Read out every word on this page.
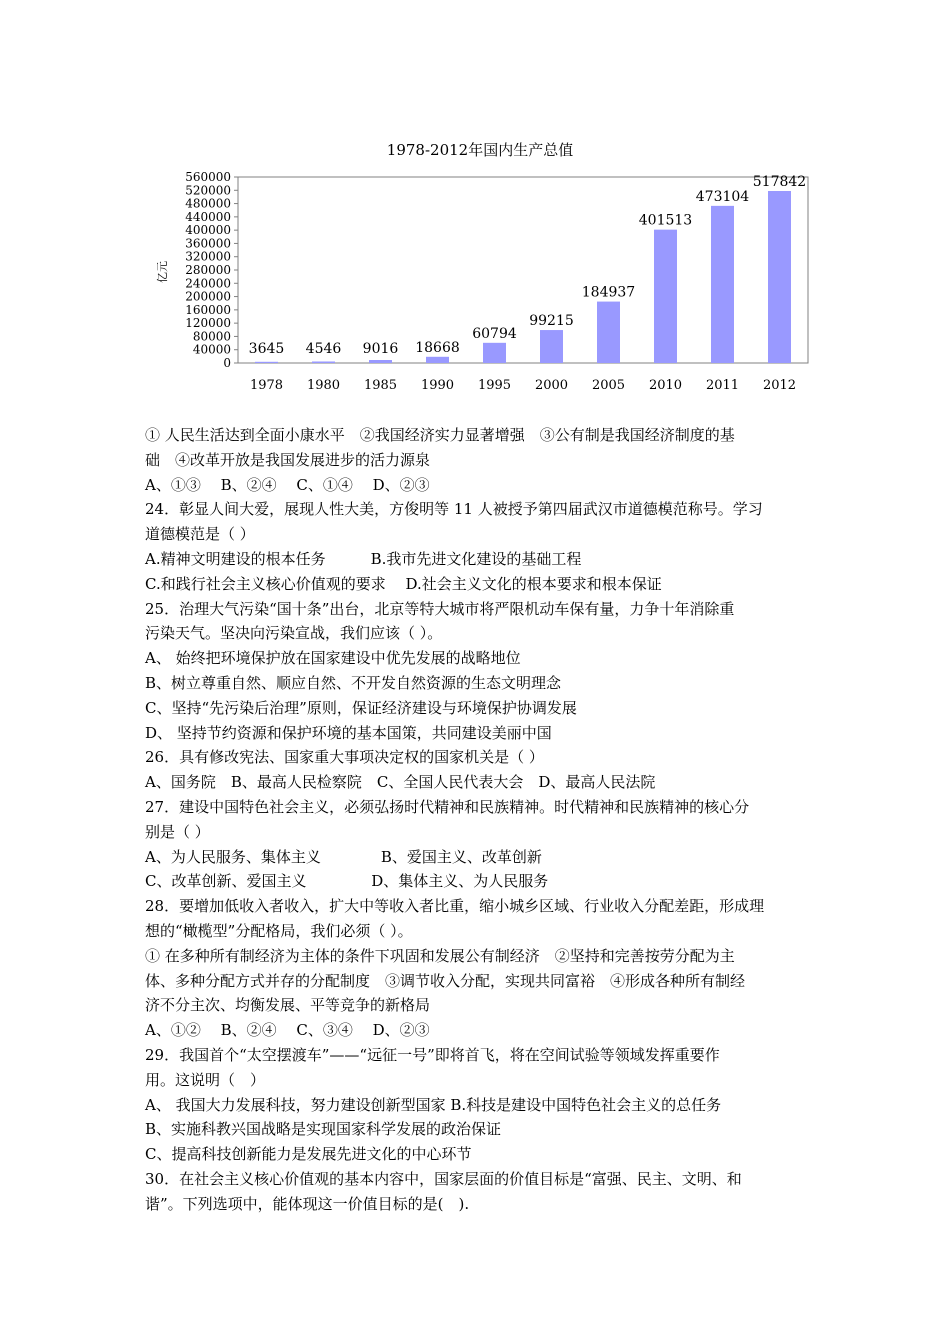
1978-2012年国内生产总值
亿元
0
40000
80000
120000
160000
200000
240000
280000
320000
360000
400000
440000
480000
520000
560000
3645 4546 9016 18668
60794
99215
184937
401513
473104
517842
1978 1980 1985 1990 1995 2000 2005 2010 2011 2012

① 人民生活达到全面小康水平　②我国经济实力显著增强　③公有制是我国经济制度的基

础　④改革开放是我国发展进步的活力源泉

A、①③　 B、②④　 C、①④　 D、②③

24．彰显人间大爱，展现人性大美，方俊明等 11 人被授予第四届武汉市道德模范称号。学习

道德模范是（ ）

A.精神文明建设的根本任务　　　B.我市先进文化建设的基础工程

C.和践行社会主义核心价值观的要求　 D.社会主义文化的根本要求和根本保证

25．治理大气污染“国十条”出台，北京等特大城市将严限机动车保有量，力争十年消除重

污染天气。坚决向污染宣战，我们应该（ ）。

A、 始终把环境保护放在国家建设中优先发展的战略地位

B、树立尊重自然、顺应自然、不开发自然资源的生态文明理念

C、坚持“先污染后治理”原则，保证经济建设与环境保护协调发展

D、 坚持节约资源和保护环境的基本国策，共同建设美丽中国

26．具有修改宪法、国家重大事项决定权的国家机关是（ ）

A、国务院　B、最高人民检察院　C、全国人民代表大会　D、最高人民法院

27．建设中国特色社会主义，必须弘扬时代精神和民族精神。时代精神和民族精神的核心分

别是（ ）

A、为人民服务、集体主义　　　　B、爱国主义、改革创新

C、改革创新、爱国主义　　　　 D、集体主义、为人民服务

28．要增加低收入者收入，扩大中等收入者比重，缩小城乡区域、行业收入分配差距，形成理

想的“橄榄型”分配格局，我们必须（ ）。

① 在多种所有制经济为主体的条件下巩固和发展公有制经济　②坚持和完善按劳分配为主

体、多种分配方式并存的分配制度　③调节收入分配，实现共同富裕　④形成各种所有制经

济不分主次、均衡发展、平等竞争的新格局

A、①②　 B、②④　 C、③④　 D、②③

29．我国首个“太空摆渡车”——“远征一号”即将首飞，将在空间试验等领域发挥重要作

用。这说明（　）

A、 我国大力发展科技，努力建设创新型国家 B.科技是建设中国特色社会主义的总任务

B、实施科教兴国战略是实现国家科学发展的政治保证

C、提高科技创新能力是发展先进文化的中心环节

30．在社会主义核心价值观的基本内容中，国家层面的价值目标是“富强、民主、文明、和

谐”。下列选项中，能体现这一价值目标的是(　).
